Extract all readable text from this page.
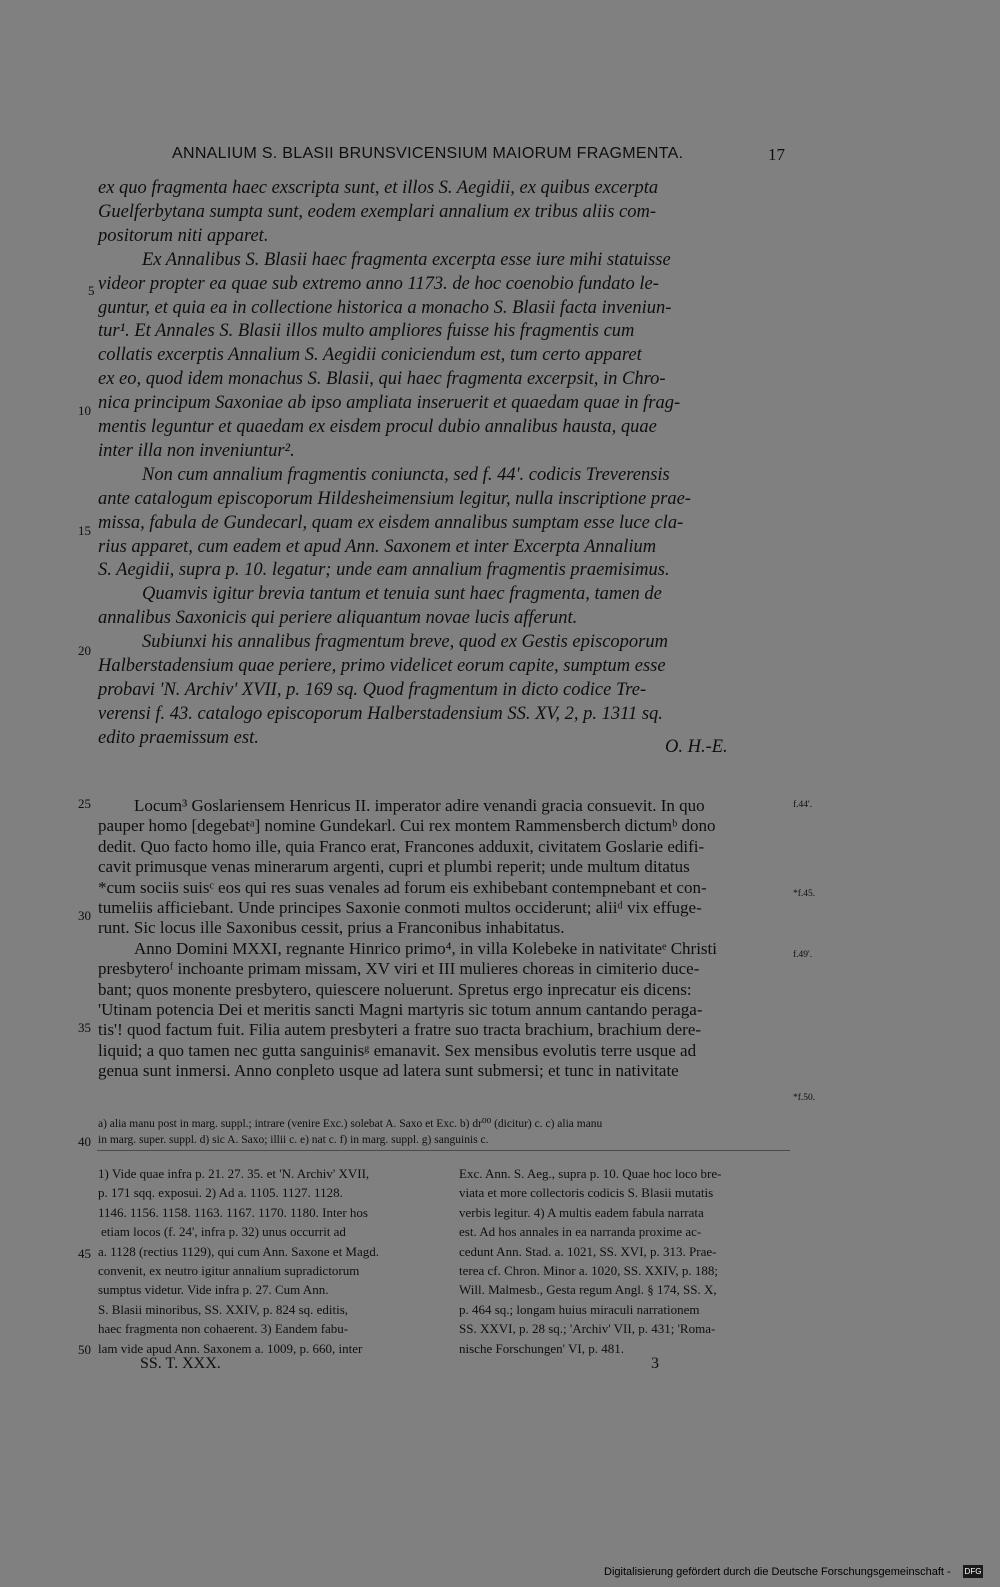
ANNALIUM S. BLASII BRUNSVICENSIUM MAIORUM FRAGMENTA.	17
ex quo fragmenta haec exscripta sunt, et illos S. Aegidii, ex quibus excerpta
Guelferbytana sumpta sunt, eodem exemplari annalium ex tribus aliis com-
positorum niti apparet.
Ex Annalibus S. Blasii haec fragmenta excerpta esse iure mihi statuisse
videor propter ea quae sub extremo anno 1173. de hoc coenobio fundato le-
guntur, et quia ea in collectione historica a monacho S. Blasii facta inveniun-
tur¹. Et Annales S. Blasii illos multo ampliores fuisse his fragmentis cum
collatis excerptis Annalium S. Aegidii coniciendum est, tum certo apparet
ex eo, quod idem monachus S. Blasii, qui haec fragmenta excerpsit, in Chro-
nica principum Saxoniae ab ipso ampliata inseruerit et quaedam quae in frag-
mentis leguntur et quaedam ex eisdem procul dubio annalibus hausta, quae
inter illa non inveniuntur².
Non cum annalium fragmentis coniuncta, sed f. 44'. codicis Treverensis
ante catalogum episcoporum Hildesheimensium legitur, nulla inscriptione prae-
missa, fabula de Gundecarl, quam ex eisdem annalibus sumptam esse luce cla-
rius apparet, cum eadem et apud Ann. Saxonem et inter Excerpta Annalium
S. Aegidii, supra p. 10. legatur; unde eam annalium fragmentis praemisimus.
Quamvis igitur brevia tantum et tenuia sunt haec fragmenta, tamen de
annalibus Saxonicis qui periere aliquantum novae lucis afferunt.
Subiunxi his annalibus fragmentum breve, quod ex Gestis episcoporum
Halberstadensium quae periere, primo videlicet eorum capite, sumptum esse
probavi 'N. Archiv' XVII, p. 169 sq. Quod fragmentum in dicto codice Tre-
verensi f. 43. catalogo episcoporum Halberstadensium SS. XV, 2, p. 1311 sq.
edito praemissum est.	O. H.-E.
Locum³ Goslariensem Henricus II. imperator adire venandi gracia consuevit. In quo
pauper homo [degebatᵃ] nomine Gundekarl. Cui rex montem Rammensberch dictumᵇ dono
dedit. Quo facto homo ille, quia Franco erat, Francones adduxit, civitatem Goslarie edifi-
cavit primusque venas minerarum argenti, cupri et plumbi reperit; unde multum ditatus
*cum sociis suisᶜ eos qui res suas venales ad forum eis exhibebant contempnebant et con-
tumeliis afficiebant. Unde principes Saxonie conmoti multos occiderunt; aliiᵈ vix effuge-
runt. Sic locus ille Saxonibus cessit, prius a Franconibus inhabitatus.
Anno Domini MXXI, regnante Hinrico primo⁴, in villa Kolebeke in nativitateᵉ Christi
presbyteroᶠ inchoante primam missam, XV viri et III mulieres choreas in cimiterio duce-
bant; quos monente presbytero, quiescere noluerunt. Spretus ergo inprecatur eis dicens:
'Utinam potencia Dei et meritis sancti Magni martyris sic totum annum cantando peraga-
tis'! quod factum fuit. Filia autem presbyteri a fratre suo tracta brachium, brachium dere-
liquid; a quo tamen nec gutta sanguinisᵍ emanavit. Sex mensibus evolutis terre usque ad
genua sunt inmersi. Anno conpleto usque ad latera sunt submersi; et tunc in nativitate
5
10
15
20
25
30
35
40
45
50
f.44'.
*f.45.
f.49'.
*f.50.
a) alia manu post in marg. suppl.; intrare (venire Exc.) solebat A. Saxo et Exc. b) dr⁰⁰ (dicitur) c. c) alia manu
in marg. super. suppl. d) sic A. Saxo; illii c. e) nat c. f) in marg. suppl. g) sanguinis c.
1) Vide quae infra p. 21. 27. 35. et 'N. Archiv' XVII,
p. 171 sqq. exposui. 2) Ad a. 1105. 1127. 1128.
1146. 1156. 1158. 1163. 1167. 1170. 1180. Inter hos
etiam locos (f. 24', infra p. 32) unus occurrit ad
a. 1128 (rectius 1129), qui cum Ann. Saxone et Magd.
convenit, ex neutro igitur annalium supradictorum
sumptus videtur. Vide infra p. 27. Cum Ann.
S. Blasii minoribus, SS. XXIV, p. 824 sq. editis,
haec fragmenta non cohaerent. 3) Eandem fabu-
lam vide apud Ann. Saxonem a. 1009, p. 660, inter
Exc. Ann. S. Aeg., supra p. 10. Quae hoc loco bre-
viata et more collectoris codicis S. Blasii mutatis
verbis legitur. 4) A multis eadem fabula narrata
est. Ad hos annales in ea narranda proxime ac-
cedunt Ann. Stad. a. 1021, SS. XVI, p. 313. Prae-
terea cf. Chron. Minor a. 1020, SS. XXIV, p. 188;
Will. Malmesb., Gesta regum Angl. § 174, SS. X,
p. 464 sq.; longam huius miraculi narrationem
SS. XXVI, p. 28 sq.; 'Archiv' VII, p. 431; 'Roma-
nische Forschungen' VI, p. 481.
SS. T. XXX.	3
Digitalisierung gefördert durch die Deutsche Forschungsgemeinschaft - DFG
